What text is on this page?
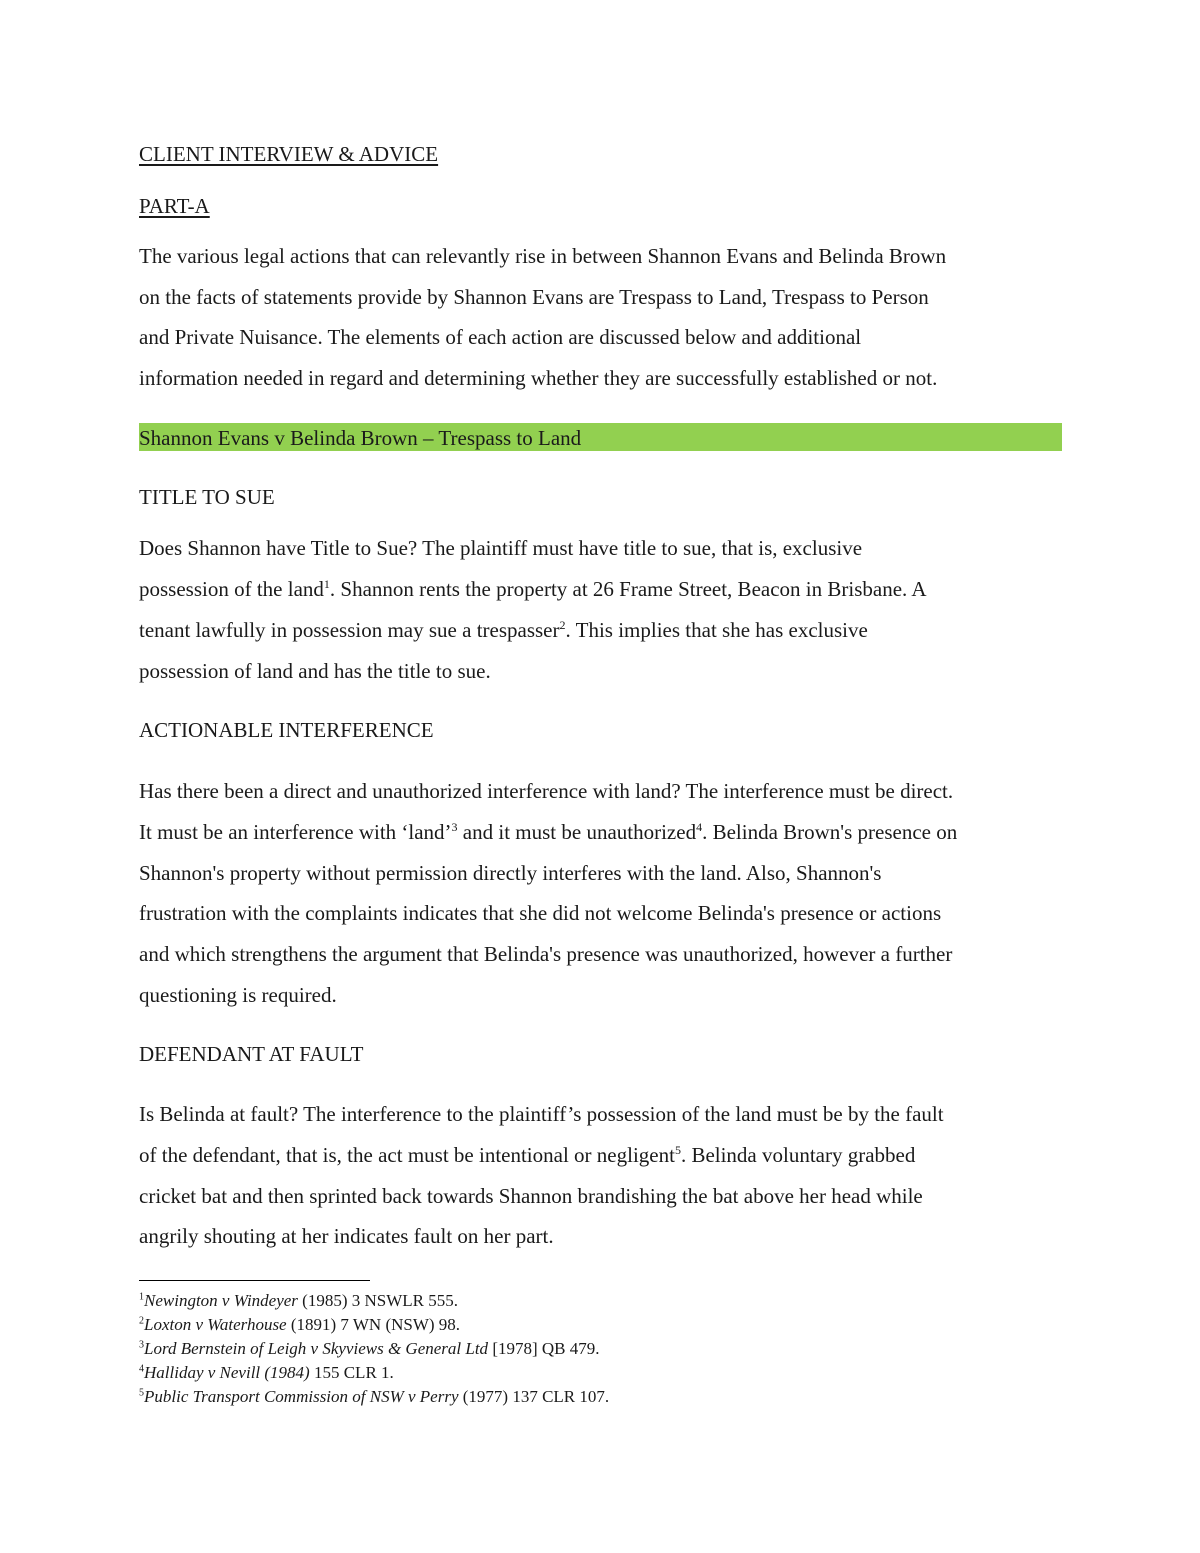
CLIENT INTERVIEW & ADVICE

PART-A

The various legal actions that can relevantly rise in between Shannon Evans and Belinda Brown

on the facts of statements provide by Shannon Evans are Trespass to Land, Trespass to Person

and Private Nuisance. The elements of each action are discussed below and additional

information needed in regard and determining whether they are successfully established or not.

Shannon Evans v Belinda Brown – Trespass to Land

TITLE TO SUE

Does Shannon have Title to Sue? The plaintiff must have title to sue, that is, exclusive

possession of the land$^1$. Shannon rents the property at 26 Frame Street, Beacon in Brisbane. A

tenant lawfully in possession may sue a trespasser$^2$. This implies that she has exclusive

possession of land and has the title to sue.

ACTIONABLE INTERFERENCE

Has there been a direct and unauthorized interference with land? The interference must be direct.

It must be an interference with ‘land’$^3$ and it must be unauthorized$^4$. Belinda Brown's presence on

Shannon's property without permission directly interferes with the land. Also, Shannon's

frustration with the complaints indicates that she did not welcome Belinda's presence or actions

and which strengthens the argument that Belinda's presence was unauthorized, however a further

questioning is required.

DEFENDANT AT FAULT

Is Belinda at fault? The interference to the plaintiff’s possession of the land must be by the fault

of the defendant, that is, the act must be intentional or negligent$^5$. Belinda voluntary grabbed

cricket bat and then sprinted back towards Shannon brandishing the bat above her head while

angrily shouting at her indicates fault on her part.

$^1$Newington v Windeyer (1985) 3 NSWLR 555.
$^2$Loxton v Waterhouse (1891) 7 WN (NSW) 98.
$^3$Lord Bernstein of Leigh v Skyviews & General Ltd [1978] QB 479.
$^4$Halliday v Nevill (1984) 155 CLR 1.
$^5$Public Transport Commission of NSW v Perry (1977) 137 CLR 107.
